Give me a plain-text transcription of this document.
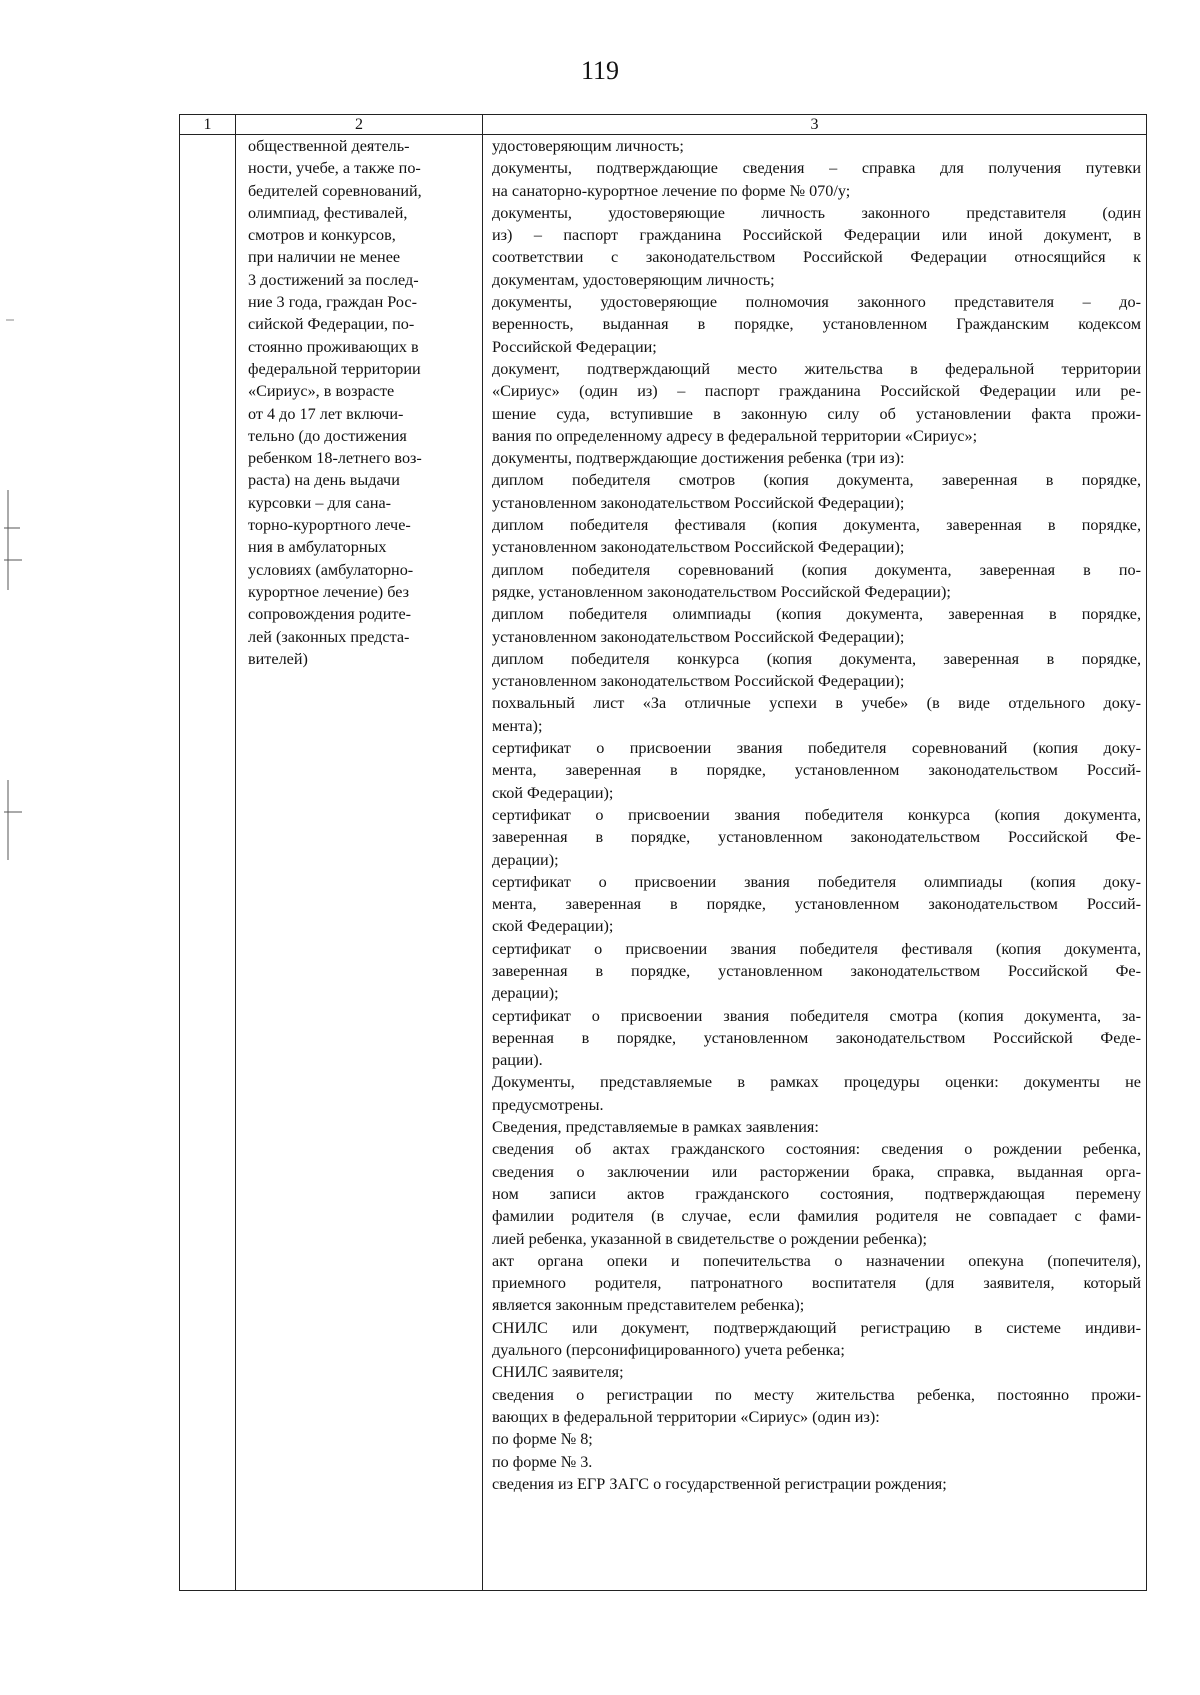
119
1	2	3
общественной деятель-
ности, учебе, а также по-
бедителей соревнований,
олимпиад, фестивалей,
смотров и конкурсов,
при наличии не менее
3 достижений за послед-
ние 3 года, граждан Рос-
сийской Федерации, по-
стоянно проживающих в
федеральной территории
«Сириус», в возрасте
от 4 до 17 лет включи-
тельно (до достижения
ребенком 18-летнего воз-
раста) на день выдачи
курсовки – для сана-
торно-курортного лече-
ния в амбулаторных
условиях (амбулаторно-
курортное лечение) без
сопровождения родите-
лей (законных предста-
вителей)
удостоверяющим личность;
документы, подтверждающие сведения – справка для получения путевки
на санаторно-курортное лечение по форме № 070/у;
документы, удостоверяющие личность законного представителя (один
из) – паспорт гражданина Российской Федерации или иной документ, в
соответствии с законодательством Российской Федерации относящийся к
документам, удостоверяющим личность;
документы, удостоверяющие полномочия законного представителя – до-
веренность, выданная в порядке, установленном Гражданским кодексом
Российской Федерации;
документ, подтверждающий место жительства в федеральной территории
«Сириус» (один из) – паспорт гражданина Российской Федерации или ре-
шение суда, вступившие в законную силу об установлении факта прожи-
вания по определенному адресу в федеральной территории «Сириус»;
документы, подтверждающие достижения ребенка (три из):
диплом победителя смотров (копия документа, заверенная в порядке,
установленном законодательством Российской Федерации);
диплом победителя фестиваля (копия документа, заверенная в порядке,
установленном законодательством Российской Федерации);
диплом победителя соревнований (копия документа, заверенная в по-
рядке, установленном законодательством Российской Федерации);
диплом победителя олимпиады (копия документа, заверенная в порядке,
установленном законодательством Российской Федерации);
диплом победителя конкурса (копия документа, заверенная в порядке,
установленном законодательством Российской Федерации);
похвальный лист «За отличные успехи в учебе» (в виде отдельного доку-
мента);
сертификат о присвоении звания победителя соревнований (копия доку-
мента, заверенная в порядке, установленном законодательством Россий-
ской Федерации);
сертификат о присвоении звания победителя конкурса (копия документа,
заверенная в порядке, установленном законодательством Российской Фе-
дерации);
сертификат о присвоении звания победителя олимпиады (копия доку-
мента, заверенная в порядке, установленном законодательством Россий-
ской Федерации);
сертификат о присвоении звания победителя фестиваля (копия документа,
заверенная в порядке, установленном законодательством Российской Фе-
дерации);
сертификат о присвоении звания победителя смотра (копия документа, за-
веренная в порядке, установленном законодательством Российской Феде-
рации).
Документы, представляемые в рамках процедуры оценки: документы не
предусмотрены.
Сведения, представляемые в рамках заявления:
сведения об актах гражданского состояния: сведения о рождении ребенка,
сведения о заключении или расторжении брака, справка, выданная орга-
ном записи актов гражданского состояния, подтверждающая перемену
фамилии родителя (в случае, если фамилия родителя не совпадает с фами-
лией ребенка, указанной в свидетельстве о рождении ребенка);
акт органа опеки и попечительства о назначении опекуна (попечителя),
приемного родителя, патронатного воспитателя (для заявителя, который
является законным представителем ребенка);
СНИЛС или документ, подтверждающий регистрацию в системе индиви-
дуального (персонифицированного) учета ребенка;
СНИЛС заявителя;
сведения о регистрации по месту жительства ребенка, постоянно прожи-
вающих в федеральной территории «Сириус» (один из):
по форме № 8;
по форме № 3.
сведения из ЕГР ЗАГС о государственной регистрации рождения;
